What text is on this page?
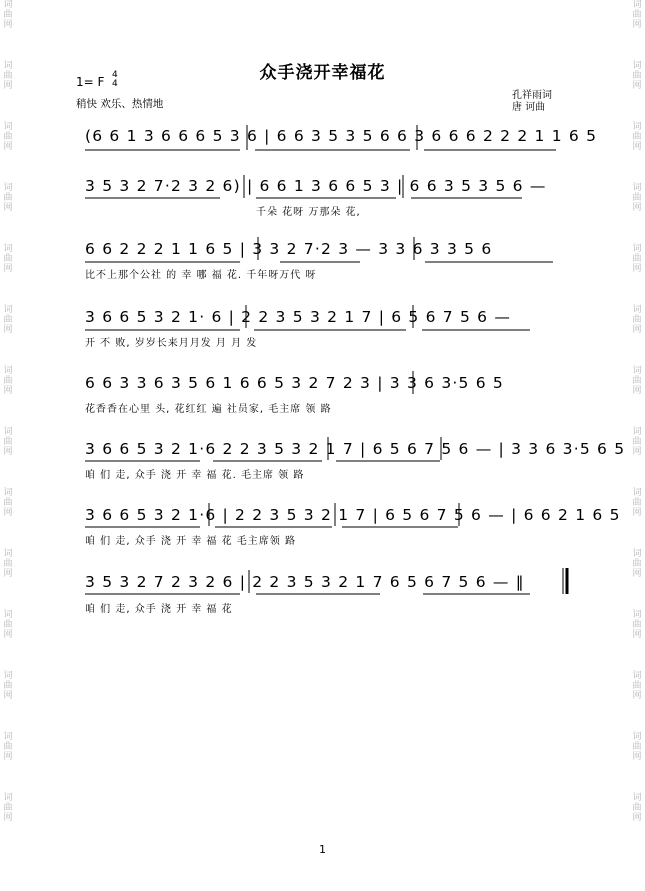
词
曲
网
词
曲
网
词
曲
网
词
曲
网
词
曲
网
词
曲
网
词
曲
网
词
曲
网
词
曲
网
词
曲
网
词
曲
网
词
曲
网
词
曲
网
词
曲
网
词
曲
网
词
曲
网
词
曲
网
词
曲
网
词
曲
网
词
曲
网
词
曲
网
词
曲
网
词
曲
网
词
曲
网
词
曲
网
词
曲
网
词
曲
网
词
曲
网
众手浇开幸福花
1= F 4
4
稍快 欢乐、热情地
孔祥雨词
唐 诃曲
(6 6 1 3 6 6 6 5 3 6 | 6 6 3 5 3 5 6 6 3 6 6 6 2 2 2 1 1 6 5
3 5 3 2 7·2 3 2 6) | 6 6 1 3 6 6 5 3 | 6 6 3 5 3 5 6 —
千朵 花呀 万那朵 花,
6 6 2 2 2 1 1 6 5 | 3 3 2 7·2 3 — 3 3 6 3 3 5 6
比不上那个公社 的 幸 哪 福 花. 千年呀万代 呀
3 6 6 5 3 2 1· 6 | 2 2 3 5 3 2 1 7 | 6 5 6 7 5 6 —
开 不 败, 岁岁长来月月发 月 月 发
6 6 3 3 6 3 5 6 1 6 6 5 3 2 7 2 3 | 3 3 6 3·5 6 5
花香香在心里 头, 花红红 遍 社员家, 毛主席 领 路
3 6 6 5 3 2 1·6 2 2 3 5 3 2 1 7 | 6 5 6 7 5 6 — | 3 3 6 3·5 6 5
咱 们 走, 众手 浇 开 幸 福 花. 毛主席 领 路
3 6 6 5 3 2 1·6 | 2 2 3 5 3 2 1 7 | 6 5 6 7 5 6 — | 6 6 2 1 6 5
咱 们 走, 众手 浇 开 幸 福 花 毛主席领 路
3 5 3 2 7 2 3 2 6 | 2 2 3 5 3 2 1 7 6 5 6 7 5 6 — ‖
咱 们 走, 众手 浇 开 幸 福 花
1
